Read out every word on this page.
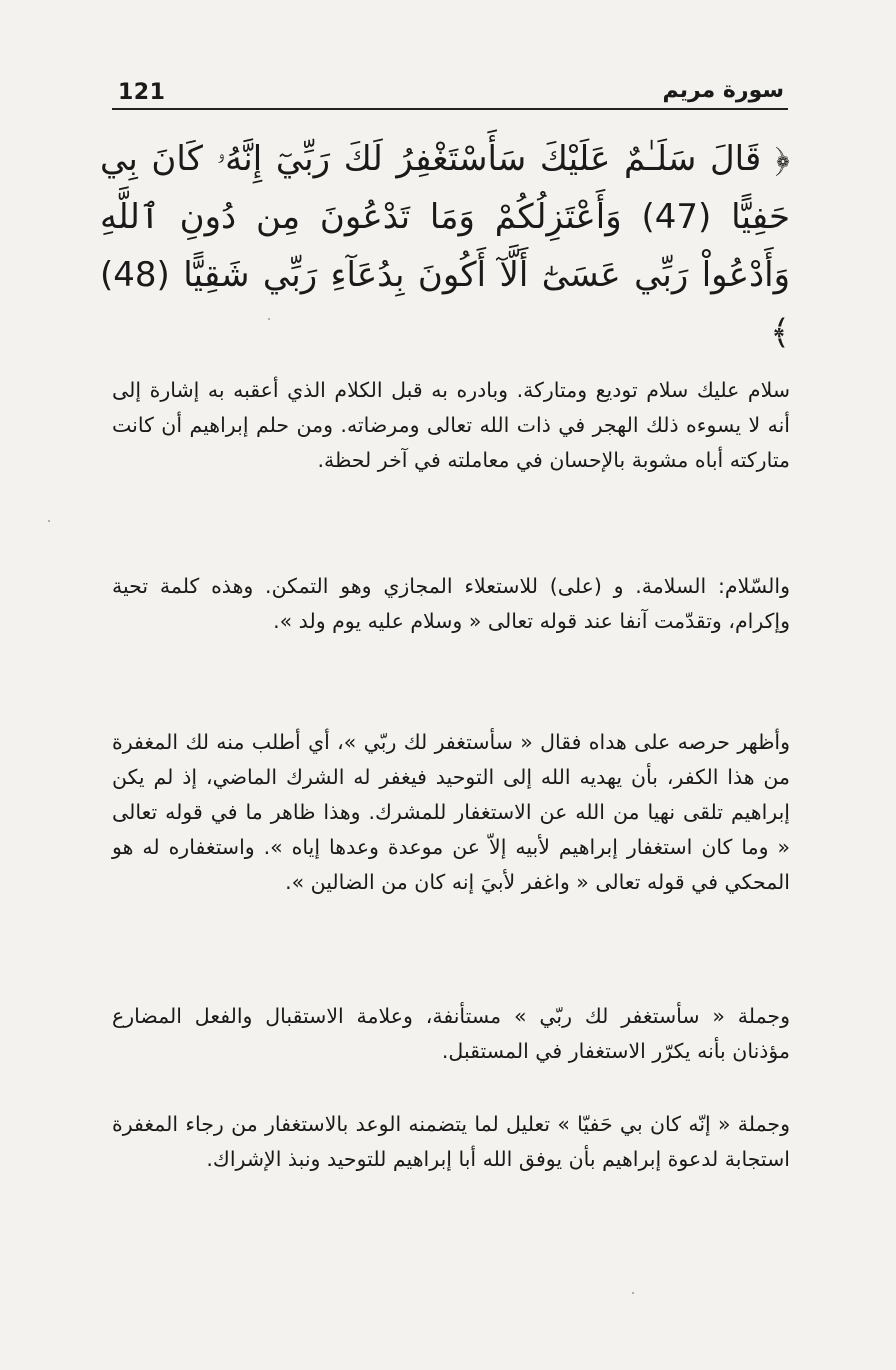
121	سورة مريم
﴿ قَالَ سَلَـٰمٌ عَلَيْكَ سَأَسْتَغْفِرُ لَكَ رَبِّيٓ إِنَّهُۥ كَانَ بِي حَفِيًّا (47) وَأَعْتَزِلُكُمْ وَمَا تَدْعُونَ مِن دُونِ ٱللَّهِ وَأَدْعُواْ رَبِّي عَسَىٰٓ أَلَّآ أَكُونَ بِدُعَآءِ رَبِّي شَقِيًّا (48) ﴾

سلام عليك سلام توديع ومتاركة. وبادره به قبل الكلام الذي أعقبه به إشارة إلى أنه لا يسوءه ذلك الهجر في ذات الله تعالى ومرضاته. ومن حلم إبراهيم أن كانت متاركته أباه مشوبة بالإحسان في معاملته في آخر لحظة.

والسّلام: السلامة. و (على) للاستعلاء المجازي وهو التمكن. وهذه كلمة تحية وإكرام، وتقدّمت آنفا عند قوله تعالى « وسلام عليه يوم ولد ».

وأظهر حرصه على هداه فقال « سأستغفر لك ربّي »، أي أطلب منه لك المغفرة من هذا الكفر، بأن يهديه الله إلى التوحيد فيغفر له الشرك الماضي، إذ لم يكن إبراهيم تلقى نهيا من الله عن الاستغفار للمشرك. وهذا ظاهر ما في قوله تعالى « وما كان استغفار إبراهيم لأبيه إلاّ عن موعدة وعدها إياه ». واستغفاره له هو المحكي في قوله تعالى « واغفر لأبيَ إنه كان من الضالين ».

وجملة « سأستغفر لك ربّي » مستأنفة، وعلامة الاستقبال والفعل المضارع مؤذنان بأنه يكرّر الاستغفار في المستقبل.

وجملة « إنّه كان بي حَفيّا » تعليل لما يتضمنه الوعد بالاستغفار من رجاء المغفرة استجابة لدعوة إبراهيم بأن يوفق الله أبا إبراهيم للتوحيد ونبذ الإشراك.
